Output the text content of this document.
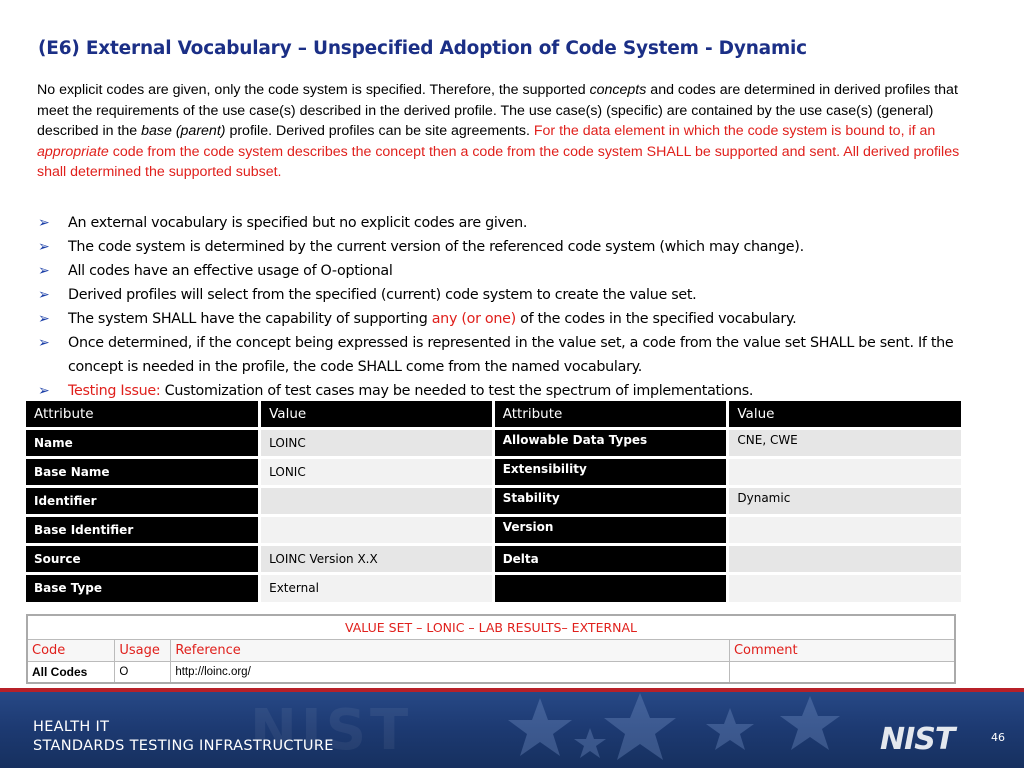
(E6) External Vocabulary – Unspecified Adoption of Code System - Dynamic
No explicit codes are given, only the code system is specified. Therefore, the supported concepts and codes are determined in derived profiles that meet the requirements of the use case(s) described in the derived profile. The use case(s) (specific) are contained by the use case(s) (general) described in the base (parent) profile. Derived profiles can be site agreements. For the data element in which the code system is bound to, if an appropriate code from the code system describes the concept then a code from the code system SHALL be supported and sent. All derived profiles shall determined the supported subset.
➢ An external vocabulary is specified but no explicit codes are given.
➢ The code system is determined by the current version of the referenced code system (which may change).
➢ All codes have an effective usage of O-optional
➢ Derived profiles will select from the specified (current) code system to create the value set.
➢ The system SHALL have the capability of supporting any (or one) of the codes in the specified vocabulary.
➢ Once determined, if the concept being expressed is represented in the value set, a code from the value set SHALL be sent. If the concept is needed in the profile, the code SHALL come from the named vocabulary.
➢ Testing Issue: Customization of test cases may be needed to test the spectrum of implementations.
Attribute	Value	Attribute	Value
Name	LOINC	Allowable Data Types	CNE, CWE
Base Name	LONIC	Extensibility	
Identifier		Stability	Dynamic
Base Identifier		Version	
Source	LOINC Version X.X	Delta	
Base Type	External		
VALUE SET – LONIC – LAB RESULTS– EXTERNAL			
Code	Usage	Reference	Comment
All Codes	O	http://loinc.org/	
NIST
HEALTH IT
STANDARDS TESTING INFRASTRUCTURE	NIST	46
